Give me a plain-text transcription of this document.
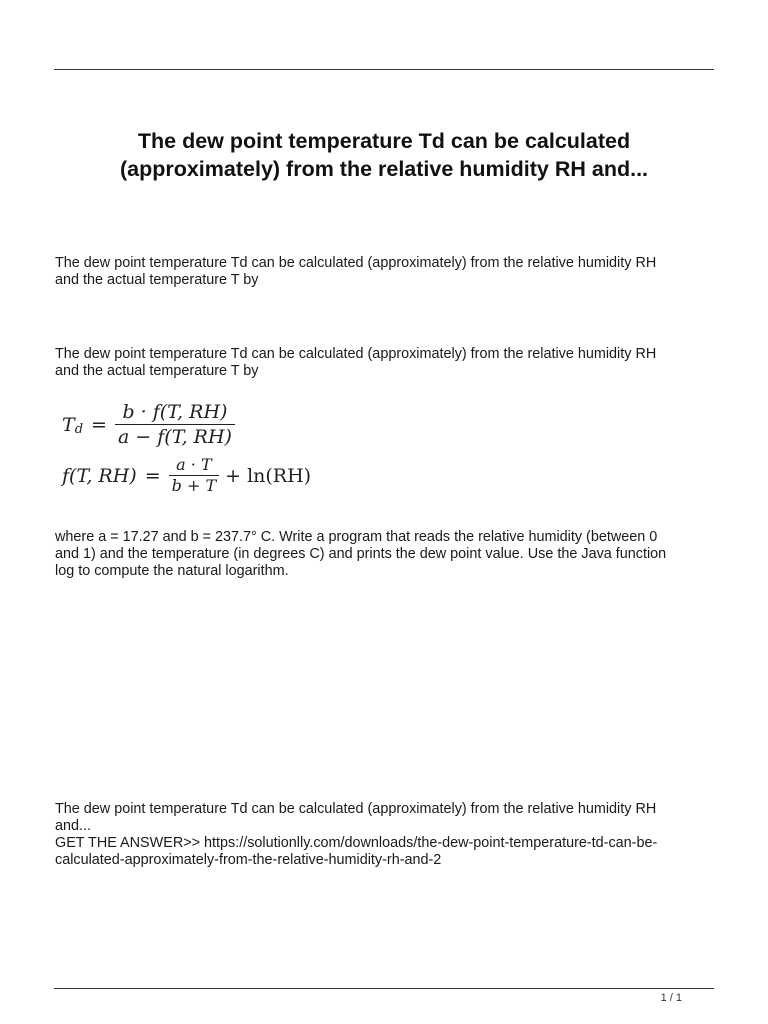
The dew point temperature Td can be calculated
(approximately) from the relative humidity RH and...

The dew point temperature Td can be calculated (approximately) from the relative humidity RH
and the actual temperature T by

The dew point temperature Td can be calculated (approximately) from the relative humidity RH
and the actual temperature T by

T $d = \frac{b \cdot f(T, RH)}{a - f(T, RH)}$
f(T, $RH) = \frac{a \cdot T}{b + T} + \ln(RH)$

where a = 17.27 and b = 237.7° C. Write a program that reads the relative humidity (between 0
and 1) and the temperature (in degrees C) and prints the dew point value. Use the Java function
log to compute the natural logarithm.

The dew point temperature Td can be calculated (approximately) from the relative humidity RH
and...
GET THE ANSWER>> https://solutionlly.com/downloads/the-dew-point-temperature-td-can-be-
calculated-approximately-from-the-relative-humidity-rh-and-2

1 / 1
